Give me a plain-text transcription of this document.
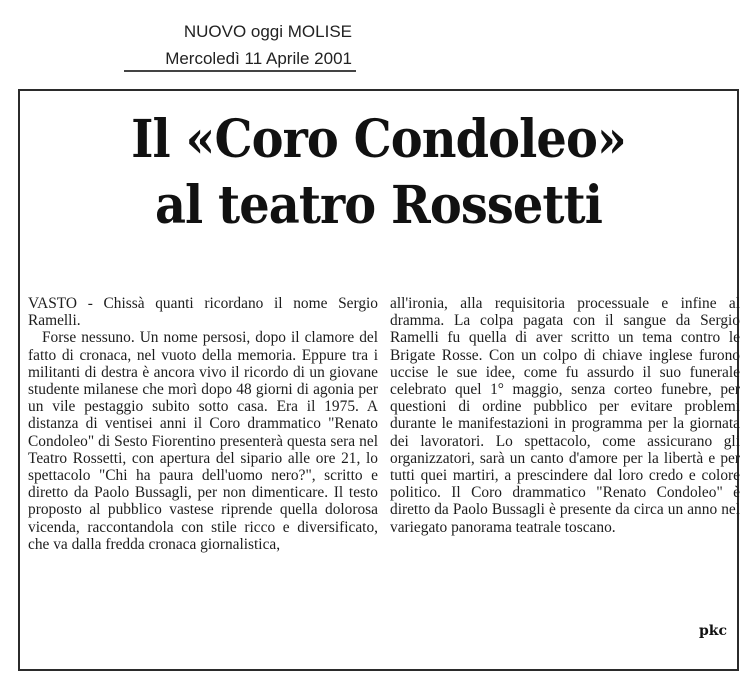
NUOVO oggi MOLISE
Mercoledì 11 Aprile 2001
Il «Coro Condoleo»
al teatro Rossetti

VASTO - Chissà quanti ricordano il nome Sergio Ramelli.

Forse nessuno. Un nome persosi, dopo il clamore del fatto di cronaca, nel vuoto della memoria. Eppure tra i militanti di destra è ancora vivo il ricordo di un giovane studente milanese che morì dopo 48 giorni di agonia per un vile pestaggio subito sotto casa. Era il 1975. A distanza di ventisei anni il Coro drammatico "Renato Condoleo" di Sesto Fiorentino presenterà questa sera nel Teatro Rossetti, con apertura del sipario alle ore 21, lo spettacolo "Chi ha paura dell'uomo nero?", scritto e diretto da Paolo Bussagli, per non dimenticare. Il testo proposto al pubblico vastese riprende quella dolorosa vicenda, raccontandola con stile ricco e diversificato, che va dalla fredda cronaca giornalistica,

all'ironia, alla requisitoria processuale e infine al dramma. La colpa pagata con il sangue da Sergio Ramelli fu quella di aver scritto un tema contro le Brigate Rosse. Con un colpo di chiave inglese furono uccise le sue idee, come fu assurdo il suo funerale celebrato quel 1° maggio, senza corteo funebre, per questioni di ordine pubblico per evitare problemi durante le manifestazioni in programma per la giornata dei lavoratori. Lo spettacolo, come assicurano gli organizzatori, sarà un canto d'amore per la libertà e per tutti quei martiri, a prescindere dal loro credo e colore politico. Il Coro drammatico "Renato Condoleo" è diretto da Paolo Bussagli è presente da circa un anno nel variegato panorama teatrale toscano.

pkc
